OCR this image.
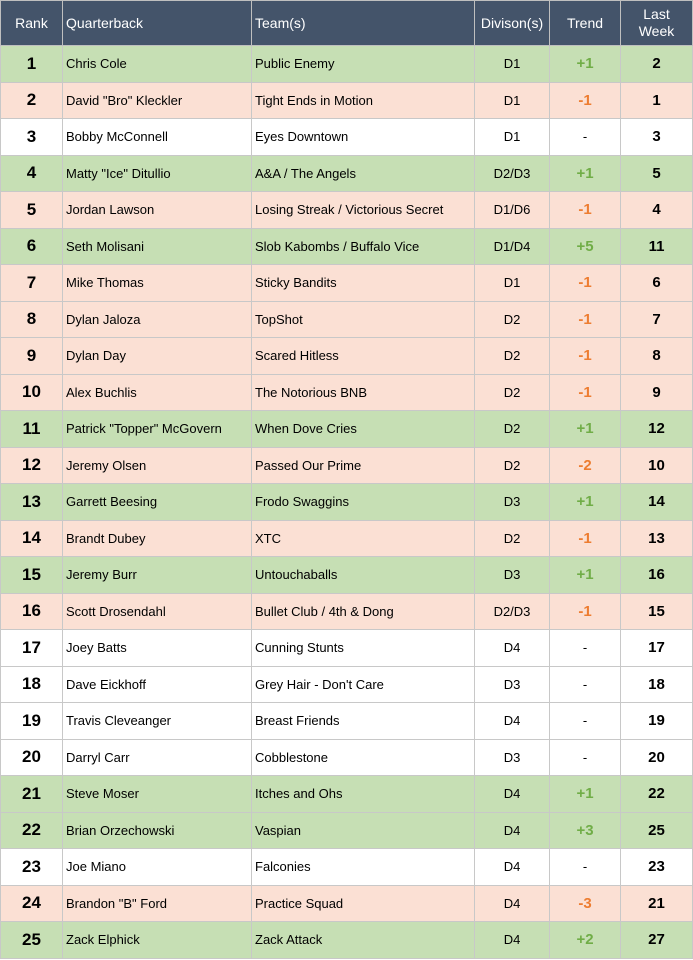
Rank	Quarterback	Team(s)	Divison(s)	Trend	Last
Week
1	Chris Cole	Public Enemy	D1	+1	2
2	David "Bro" Kleckler	Tight Ends in Motion	D1	-1	1
3	Bobby McConnell	Eyes Downtown	D1	-	3
4	Matty "Ice" Ditullio	A&A / The Angels	D2/D3	+1	5
5	Jordan Lawson	Losing Streak / Victorious Secret	D1/D6	-1	4
6	Seth Molisani	Slob Kabombs / Buffalo Vice	D1/D4	+5	11
7	Mike Thomas	Sticky Bandits	D1	-1	6
8	Dylan Jaloza	TopShot	D2	-1	7
9	Dylan Day	Scared Hitless	D2	-1	8
10	Alex Buchlis	The Notorious BNB	D2	-1	9
11	Patrick "Topper" McGovern	When Dove Cries	D2	+1	12
12	Jeremy Olsen	Passed Our Prime	D2	-2	10
13	Garrett Beesing	Frodo Swaggins	D3	+1	14
14	Brandt Dubey	XTC	D2	-1	13
15	Jeremy Burr	Untouchaballs	D3	+1	16
16	Scott Drosendahl	Bullet Club / 4th & Dong	D2/D3	-1	15
17	Joey Batts	Cunning Stunts	D4	-	17
18	Dave Eickhoff	Grey Hair - Don't Care	D3	-	18
19	Travis Cleveanger	Breast Friends	D4	-	19
20	Darryl Carr	Cobblestone	D3	-	20
21	Steve Moser	Itches and Ohs	D4	+1	22
22	Brian Orzechowski	Vaspian	D4	+3	25
23	Joe Miano	Falconies	D4	-	23
24	Brandon "B" Ford	Practice Squad	D4	-3	21
25	Zack Elphick	Zack Attack	D4	+2	27
